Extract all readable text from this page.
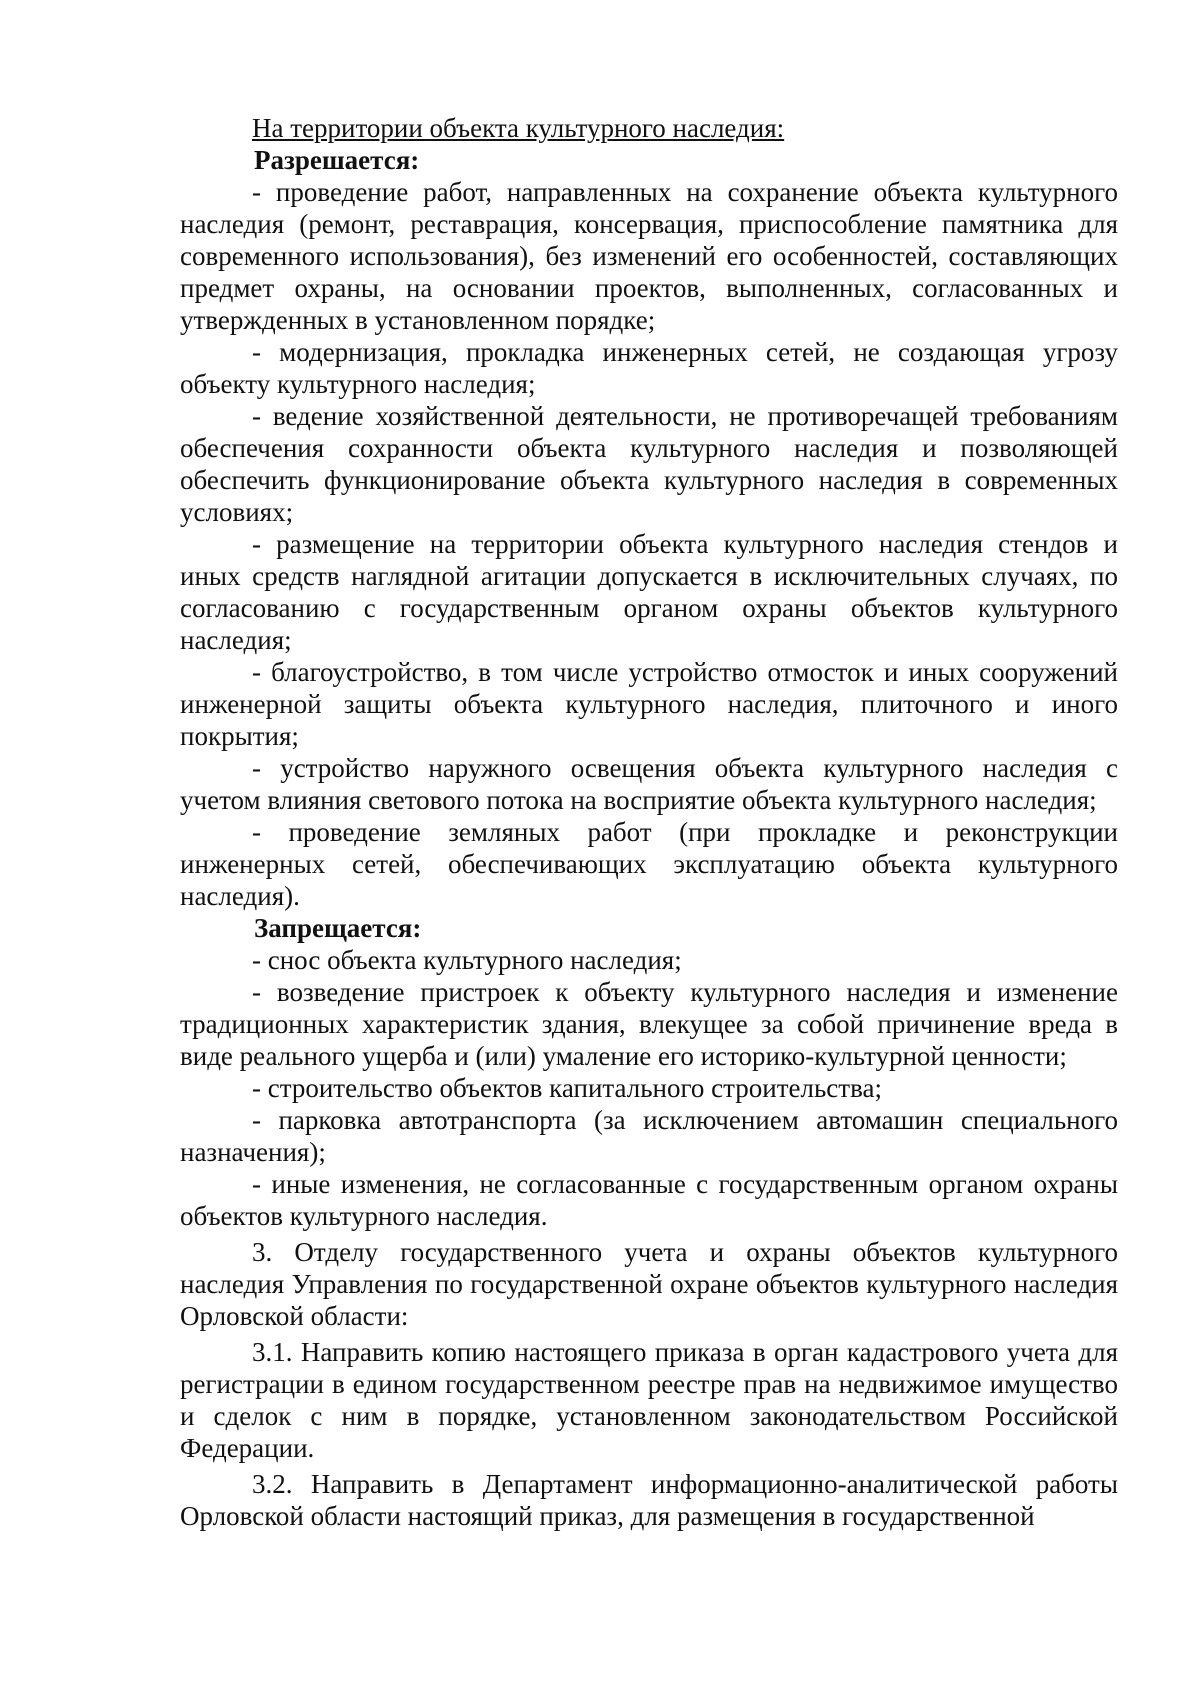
На территории объекта культурного наследия:

Разрешается:

- проведение работ, направленных на сохранение объекта культурного наследия (ремонт, реставрация, консервация, приспособление памятника для современного использования), без изменений его особенностей, составляющих предмет охраны, на основании проектов, выполненных, согласованных и утвержденных в установленном порядке;

- модернизация, прокладка инженерных сетей, не создающая угрозу объекту культурного наследия;

- ведение хозяйственной деятельности, не противоречащей требованиям обеспечения сохранности объекта культурного наследия и позволяющей обеспечить функционирование объекта культурного наследия в современных условиях;

- размещение на территории объекта культурного наследия стендов и иных средств наглядной агитации допускается в исключительных случаях, по согласованию с государственным органом охраны объектов культурного наследия;

- благоустройство, в том числе устройство отмосток и иных сооружений инженерной защиты объекта культурного наследия, плиточного и иного покрытия;

- устройство наружного освещения объекта культурного наследия с учетом влияния светового потока на восприятие объекта культурного наследия;

- проведение земляных работ (при прокладке и реконструкции инженерных сетей, обеспечивающих эксплуатацию объекта культурного наследия).

Запрещается:

- снос объекта культурного наследия;

- возведение пристроек к объекту культурного наследия и изменение традиционных характеристик здания, влекущее за собой причинение вреда в виде реального ущерба и (или) умаление его историко-культурной ценности;

- строительство объектов капитального строительства;

- парковка автотранспорта (за исключением автомашин специального назначения);

- иные изменения, не согласованные с государственным органом охраны объектов культурного наследия.

3. Отделу государственного учета и охраны объектов культурного наследия Управления по государственной охране объектов культурного наследия Орловской области:

3.1. Направить копию настоящего приказа в орган кадастрового учета для регистрации в едином государственном реестре прав на недвижимое имущество и сделок с ним в порядке, установленном законодательством Российской Федерации.

3.2. Направить в Департамент информационно-аналитической работы Орловской области настоящий приказ, для размещения в государственной
